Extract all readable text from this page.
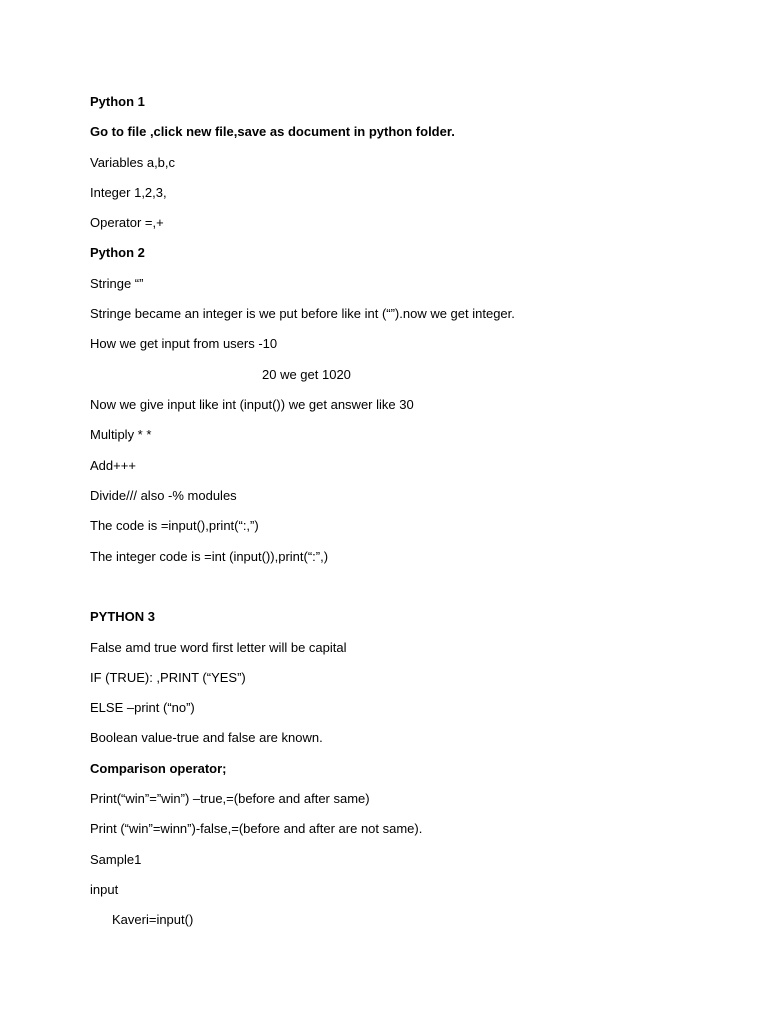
Python 1
Go to file ,click new file,save as document in python folder.
Variables a,b,c
Integer 1,2,3,
Operator =,+
Python 2
Stringe “”
Stringe became an integer is we put before like int (“”).now we get integer.
How we get input from users -10
20 we get 1020
Now we give input like int (input()) we get answer like 30
Multiply * *
Add+++
Divide/// also -% modules
The code is =input(),print(“:,”)
The integer code is =int (input()),print(“:”,)
PYTHON 3
False amd true word first letter will be capital
IF (TRUE): ,PRINT (“YES”)
ELSE –print (“no”)
Boolean value-true and false are known.
Comparison operator;
Print(“win”=”win”) –true,=(before and after same)
Print (“win”=winn”)-false,=(before and after are not same).
Sample1
input
Kaveri=input()
